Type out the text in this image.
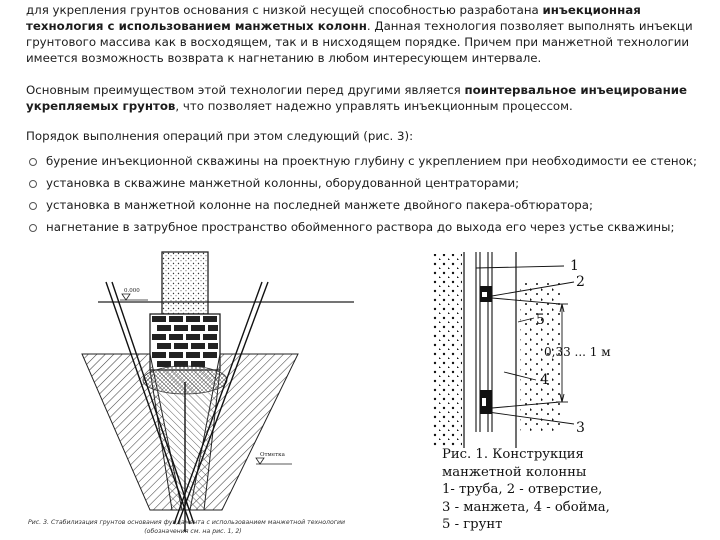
для укрепления грунтов основания с низкой несущей способностью разработана инъекционная
технология с использованием манжетных колонн. Данная технология позволяет выполнять инъекци
грунтового массива как в восходящем, так и в нисходящем порядке. Причем при манжетной технологии
имеется возможность возврата к нагнетанию в любом интересующем интервале.
Основным преимуществом этой технологии перед другими является поинтервальное инъецирование
укрепляемых грунтов, что позволяет надежно управлять инъекционным процессом.
Порядок выполнения операций при этом следующий (рис. 3):
бурение инъекционной скважины на проектную глубину с укреплением при необходимости ее стенок;
установка в скважине манжетной колонны, оборудованной центраторами;
установка в манжетной колонне на последней манжете двойного пакера-обтюратора;
нагнетание в затрубное пространство обойменного раствора до выхода его через устье скважины;
0.000
Отметка
Рис. 3. Стабилизация грунтов основания фундамента с использованием манжетной технологии
(обозначения см. на рис. 1, 2)
1
2
5
4
3
0,33 ... 1 м
Рис. 1. Конструкция
манжетной колонны
1- труба, 2 - отверстие,
3 - манжета, 4 - обойма,
5 - грунт
